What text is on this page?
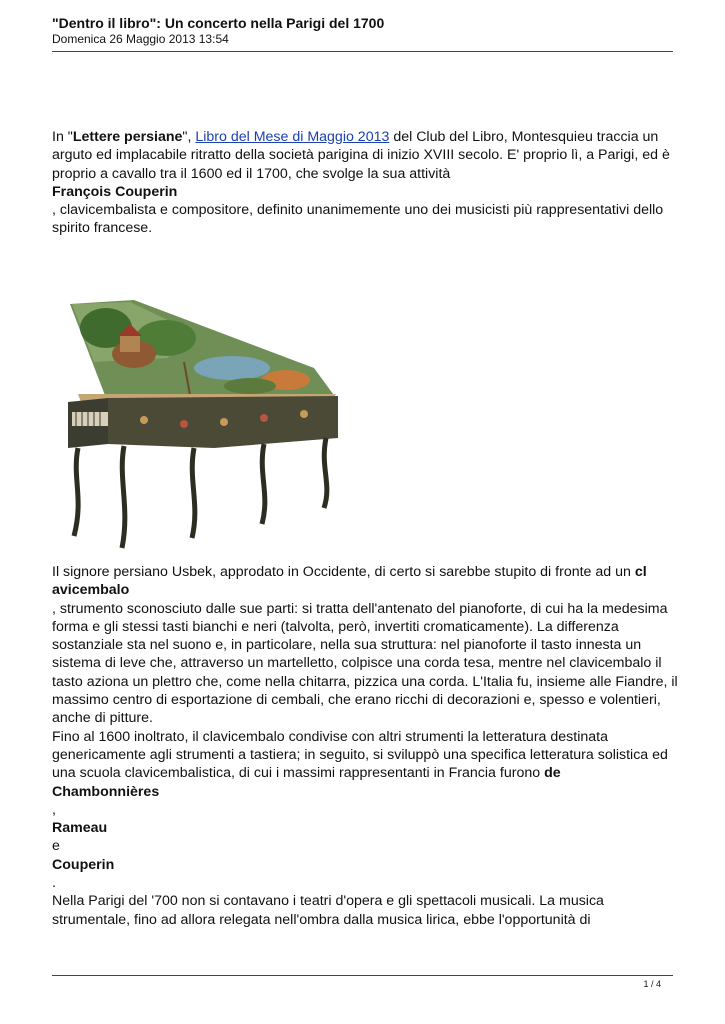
"Dentro il libro": Un concerto nella Parigi del 1700
Domenica 26 Maggio 2013 13:54
In "Lettere persiane", Libro del Mese di Maggio 2013 del Club del Libro, Montesquieu traccia un arguto ed implacabile ritratto della società parigina di inizio XVIII secolo. E' proprio lì, a Parigi, ed è proprio a cavallo tra il 1600 ed il 1700, che svolge la sua attività
François Couperin
, clavicembalista e compositore, definito unanimemente uno dei musicisti più rappresentativi dello spirito francese.
Il signore persiano Usbek, approdato in Occidente, di certo si sarebbe stupito di fronte ad un cl
avicembalo
, strumento sconosciuto dalle sue parti: si tratta dell'antenato del pianoforte, di cui ha la medesima forma e gli stessi tasti bianchi e neri (talvolta, però, invertiti cromaticamente). La differenza sostanziale sta nel suono e, in particolare, nella sua struttura: nel pianoforte il tasto innesta un sistema di leve che, attraverso un martelletto, colpisce una corda tesa, mentre nel clavicembalo il tasto aziona un plettro che, come nella chitarra, pizzica una corda. L'Italia fu, insieme alle Fiandre, il massimo centro di esportazione di cembali, che erano ricchi di decorazioni e, spesso e volentieri, anche di pitture.
Fino al 1600 inoltrato, il clavicembalo condivise con altri strumenti la letteratura destinata genericamente agli strumenti a tastiera; in seguito, si sviluppò una specifica letteratura solistica ed una scuola clavicembalistica, di cui i massimi rappresentanti in Francia furono de
Chambonnières
,
Rameau
e
Couperin
.
Nella Parigi del '700 non si contavano i teatri d'opera e gli spettacoli musicali. La musica strumentale, fino ad allora relegata nell'ombra dalla musica lirica, ebbe l'opportunità di
1 / 4
